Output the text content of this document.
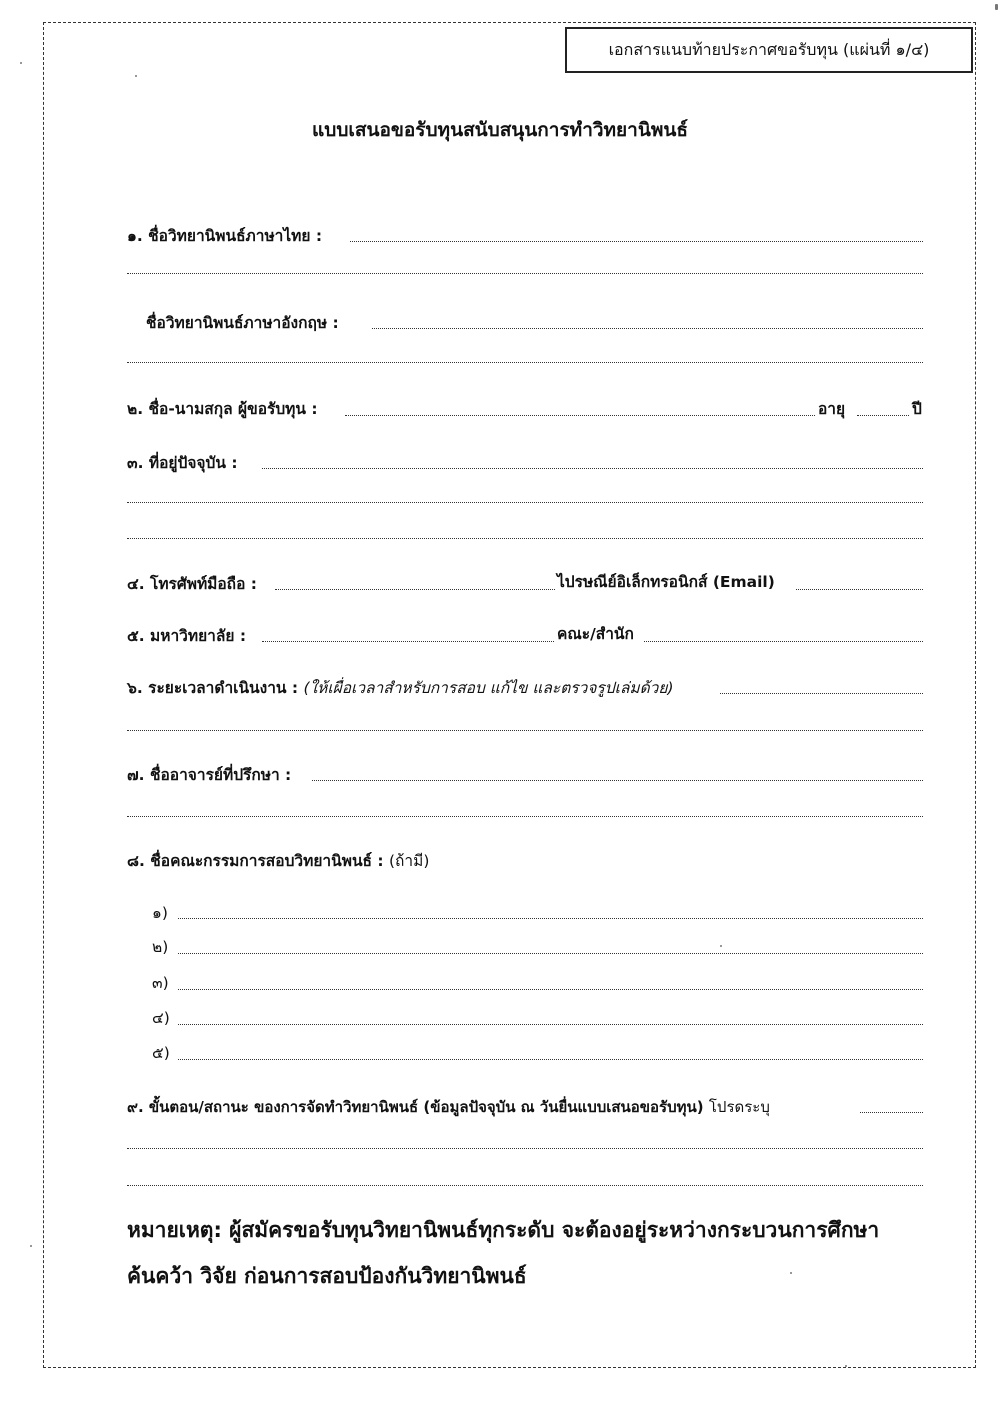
เอกสารแนบท้ายประกาศขอรับทุน (แผ่นที่ ๑/๔)
แบบเสนอขอรับทุนสนับสนุนการทำวิทยานิพนธ์
๑. ชื่อวิทยานิพนธ์ภาษาไทย :
ชื่อวิทยานิพนธ์ภาษาอังกฤษ :
๒. ชื่อ-นามสกุล ผู้ขอรับทุน :	อายุ	ปี
๓. ที่อยู่ปัจจุบัน :
๔. โทรศัพท์มือถือ :	ไปรษณีย์อิเล็กทรอนิกส์ (Email)
๕. มหาวิทยาลัย :	คณะ/สำนัก
๖. ระยะเวลาดำเนินงาน : (ให้เผื่อเวลาสำหรับการสอบ แก้ไข และตรวจรูปเล่มด้วย)
๗. ชื่ออาจารย์ที่ปรึกษา :
๘. ชื่อคณะกรรมการสอบวิทยานิพนธ์ : (ถ้ามี)
๑)
๒)
๓)
๔)
๕)
๙. ขั้นตอน/สถานะ ของการจัดทำวิทยานิพนธ์ (ข้อมูลปัจจุบัน ณ วันยื่นแบบเสนอขอรับทุน) โปรดระบุ
หมายเหตุ: ผู้สมัครขอรับทุนวิทยานิพนธ์ทุกระดับ จะต้องอยู่ระหว่างกระบวนการศึกษา
ค้นคว้า วิจัย ก่อนการสอบป้องกันวิทยานิพนธ์
